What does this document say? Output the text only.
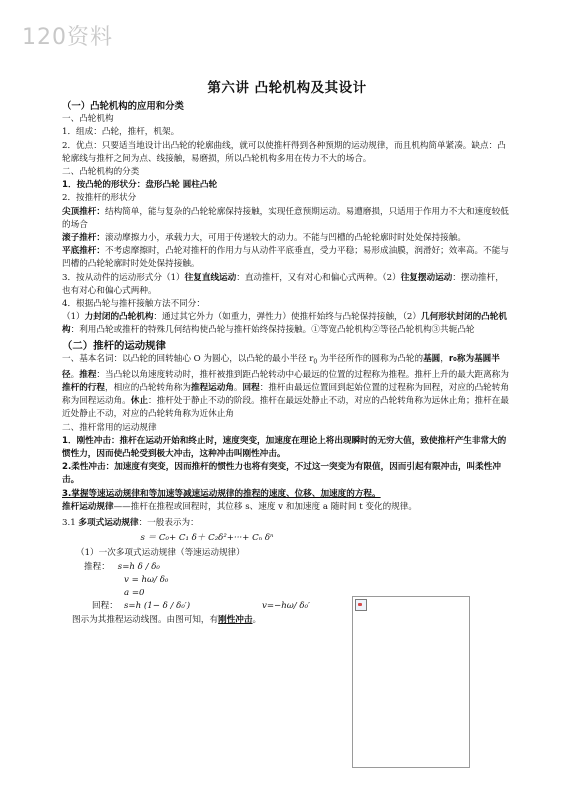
120资料
第六讲 凸轮机构及其设计

（一）凸轮机构的应用和分类

一、凸轮机构

1．组成：凸轮，推杆，机架。

2．优点：只要适当地设计出凸轮的轮廓曲线，就可以使推杆得到各种预期的运动规律，而且机构简单紧凑。缺点：凸轮廓线与推杆之间为点、线接触，易磨损，所以凸轮机构多用在传力不大的场合。

二、凸轮机构的分类

1．按凸轮的形状分：盘形凸轮 圆柱凸轮

2．按推杆的形状分

尖顶推杆：结构简单，能与复杂的凸轮轮廓保持接触，实现任意预期运动。易遭磨损，只适用于作用力不大和速度较低的场合

滚子推杆：滚动摩擦力小，承载力大，可用于传递较大的动力。不能与凹槽的凸轮轮廓时时处处保持接触。

平底推杆：不考虑摩擦时，凸轮对推杆的作用力与从动件平底垂直，受力平稳；易形成油膜，润滑好；效率高。不能与凹槽的凸轮轮廓时时处处保持接触。

3．按从动件的运动形式分（1）往复直线运动：直动推杆，又有对心和偏心式两种。（2）往复摆动运动：摆动推杆，也有对心和偏心式两种。

4．根据凸轮与推杆接触方法不同分：

（1）力封闭的凸轮机构：通过其它外力（如重力，弹性力）使推杆始终与凸轮保持接触，（2）几何形状封闭的凸轮机构：利用凸轮或推杆的特殊几何结构使凸轮与推杆始终保持接触。①等宽凸轮机构②等径凸轮机构③共轭凸轮

（二）推杆的运动规律

一、基本名词：以凸轮的回转轴心 O 为圆心，以凸轮的最小半径 $r_0$ 为半径所作的圆称为凸轮的基圆，r₀称为基圆半径。推程：当凸轮以角速度转动时，推杆被推到距凸轮转动中心最远的位置的过程称为推程。推杆上升的最大距离称为推杆的行程，相应的凸轮转角称为推程运动角。回程：推杆由最远位置回到起始位置的过程称为回程，对应的凸轮转角称为回程运动角。休止：推杆处于静止不动的阶段。推杆在最远处静止不动，对应的凸轮转角称为远休止角；推杆在最近处静止不动，对应的凸轮转角称为近休止角

二、推杆常用的运动规律

1．刚性冲击：推杆在运动开始和终止时，速度突变，加速度在理论上将出现瞬时的无穷大值，致使推杆产生非常大的惯性力，因而使凸轮受到极大冲击，这种冲击叫刚性冲击。

2.柔性冲击：加速度有突变，因而推杆的惯性力也将有突变，不过这一突变为有限值，因而引起有限冲击，叫柔性冲击。

3.掌握等速运动规律和等加速等减速运动规律的推程的速度、位移、加速度的方程。

推杆运动规律——推杆在推程或回程时，其位移 s、速度 v 和加速度 a 随时间 t 变化的规律。

3.1 多项式运动规律：一般表示为：

s ＝ C₀+ C₁ δ＋ C₂δ²+···+ Cₙ δⁿ

（1）一次多项式运动规律（等速运动规律）

推程： s=h δ / δ₀

v = hω/ δ₀

a =0

回程： s=h (1− δ / δ₀′)	v=−hω/ δ₀′

图示为其推程运动线图。由图可知，有刚性冲击。
